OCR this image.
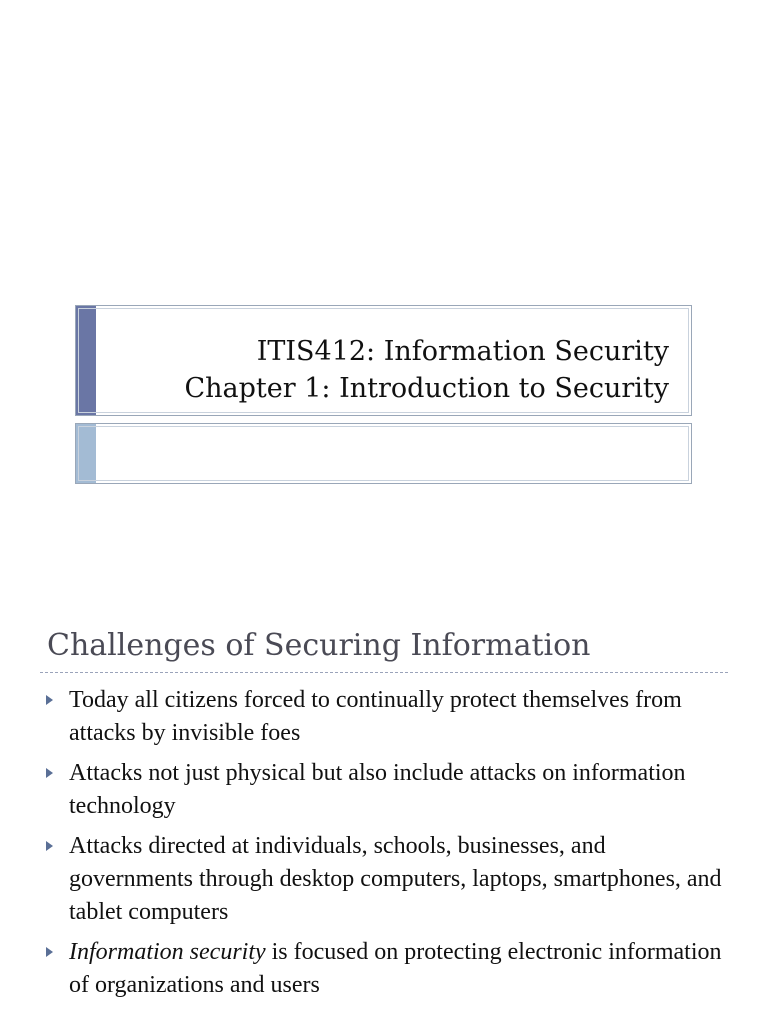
ITIS412: Information Security
Chapter 1: Introduction to Security
Challenges of Securing Information
Today all citizens forced to continually protect themselves from attacks by invisible foes
Attacks not just physical but also include attacks on information technology
Attacks directed at individuals, schools, businesses, and governments through desktop computers, laptops, smartphones, and tablet computers
Information security is focused on protecting electronic information of organizations and users
